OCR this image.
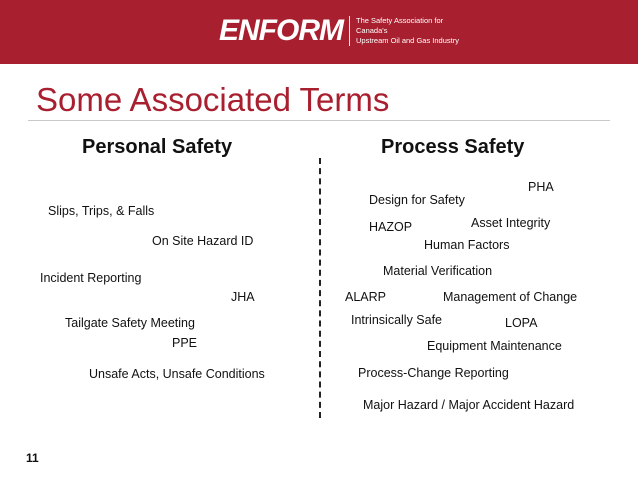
ENFORM The Safety Association for Canada's
Upstream Oil and Gas Industry
Some Associated Terms
Personal Safety	Process Safety
Slips, Trips, & Falls
On Site Hazard ID
Incident Reporting
JHA
Tailgate Safety Meeting
PPE
Unsafe Acts, Unsafe Conditions
PHA
Design for Safety
HAZOP	Asset Integrity
Human Factors
Material Verification
ALARP	Management of Change
Intrinsically Safe	LOPA
Equipment Maintenance
Process-Change Reporting
Major Hazard / Major Accident Hazard
11
